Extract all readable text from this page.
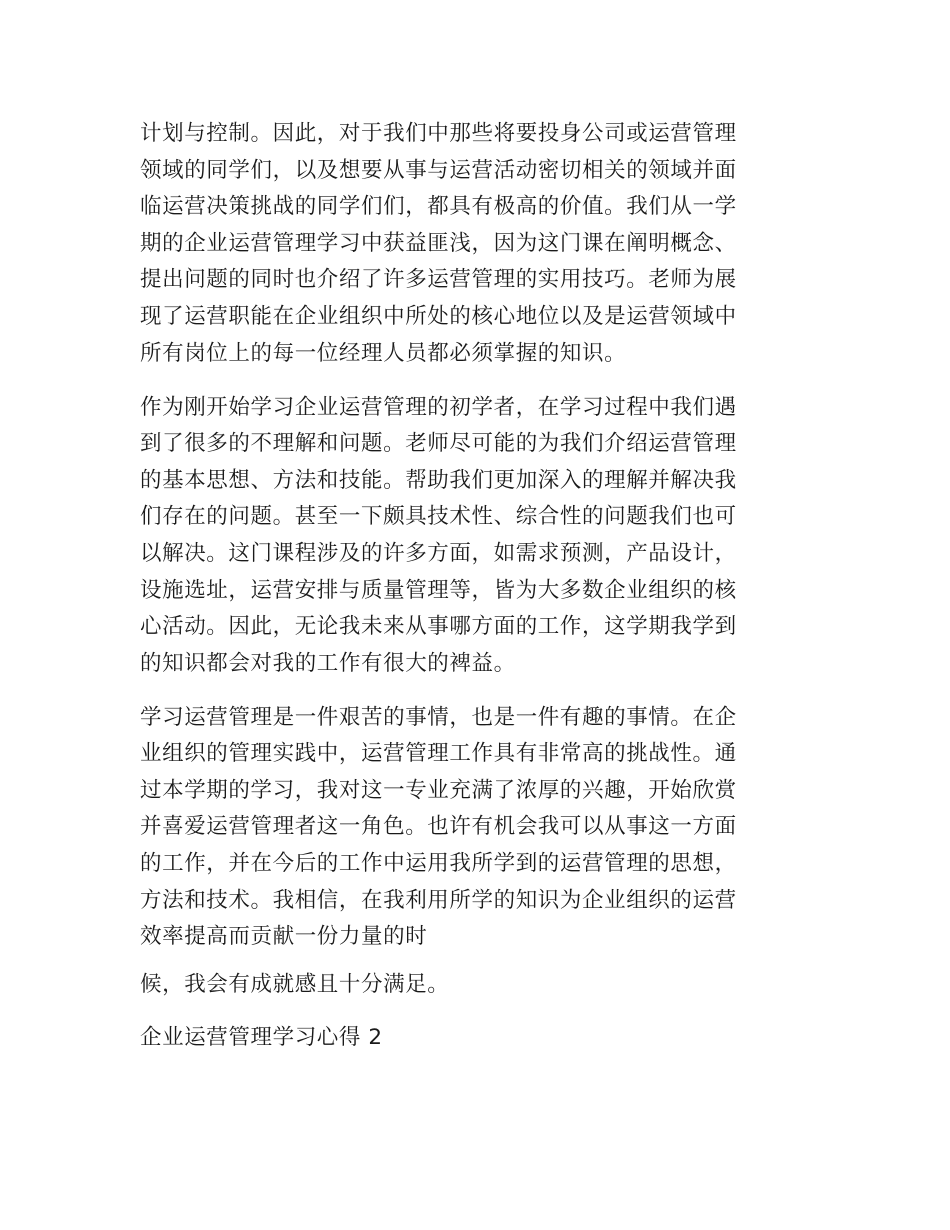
计划与控制。因此，对于我们中那些将要投身公司或运营管理
领域的同学们，以及想要从事与运营活动密切相关的领域并面
临运营决策挑战的同学们们，都具有极高的价值。我们从一学
期的企业运营管理学习中获益匪浅，因为这门课在阐明概念、
提出问题的同时也介绍了许多运营管理的实用技巧。老师为展
现了运营职能在企业组织中所处的核心地位以及是运营领域中
所有岗位上的每一位经理人员都必须掌握的知识。

作为刚开始学习企业运营管理的初学者，在学习过程中我们遇
到了很多的不理解和问题。老师尽可能的为我们介绍运营管理
的基本思想、方法和技能。帮助我们更加深入的理解并解决我
们存在的问题。甚至一下颇具技术性、综合性的问题我们也可
以解决。这门课程涉及的许多方面，如需求预测，产品设计，
设施选址，运营安排与质量管理等，皆为大多数企业组织的核
心活动。因此，无论我未来从事哪方面的工作，这学期我学到
的知识都会对我的工作有很大的裨益。

学习运营管理是一件艰苦的事情，也是一件有趣的事情。在企
业组织的管理实践中，运营管理工作具有非常高的挑战性。通
过本学期的学习，我对这一专业充满了浓厚的兴趣，开始欣赏
并喜爱运营管理者这一角色。也许有机会我可以从事这一方面
的工作，并在今后的工作中运用我所学到的运营管理的思想，
方法和技术。我相信，在我利用所学的知识为企业组织的运营
效率提高而贡献一份力量的时

候，我会有成就感且十分满足。

企业运营管理学习心得 2
